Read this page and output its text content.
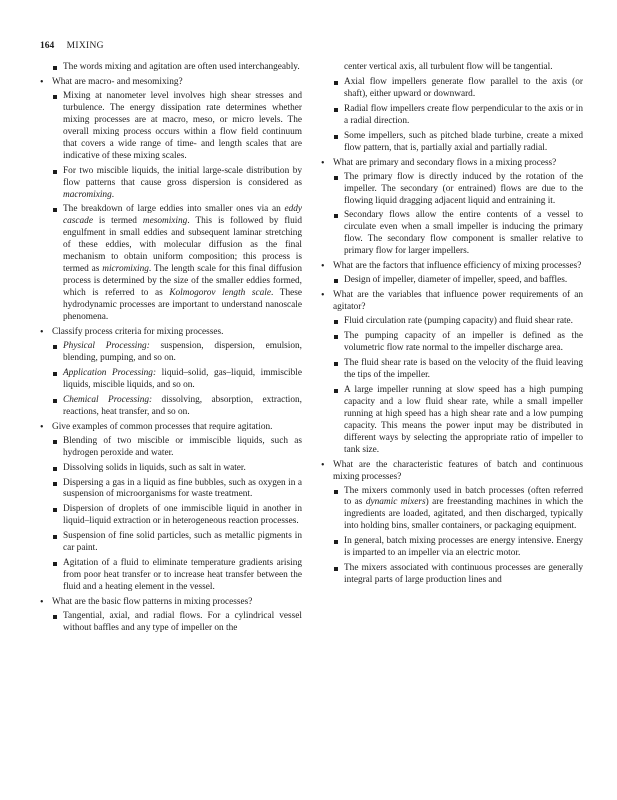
164 MIXING
The words mixing and agitation are often used interchangeably.
• What are macro- and mesomixing?
Mixing at nanometer level involves high shear stresses and turbulence. The energy dissipation rate determines whether mixing processes are at macro, meso, or micro levels. The overall mixing process occurs within a flow field continuum that covers a wide range of time- and length scales that are indicative of these mixing scales.
For two miscible liquids, the initial large-scale distribution by flow patterns that cause gross dispersion is considered as macromixing.
The breakdown of large eddies into smaller ones via an eddy cascade is termed mesomixing. This is followed by fluid engulfment in small eddies and subsequent laminar stretching of these eddies, with molecular diffusion as the final mechanism to obtain uniform composition; this process is termed as micromixing. The length scale for this final diffusion process is determined by the size of the smaller eddies formed, which is referred to as Kolmogorov length scale. These hydrodynamic processes are important to understand nanoscale phenomena.
• Classify process criteria for mixing processes.
Physical Processing: suspension, dispersion, emulsion, blending, pumping, and so on.
Application Processing: liquid–solid, gas–liquid, immiscible liquids, miscible liquids, and so on.
Chemical Processing: dissolving, absorption, extraction, reactions, heat transfer, and so on.
• Give examples of common processes that require agitation.
Blending of two miscible or immiscible liquids, such as hydrogen peroxide and water.
Dissolving solids in liquids, such as salt in water.
Dispersing a gas in a liquid as fine bubbles, such as oxygen in a suspension of microorganisms for waste treatment.
Dispersion of droplets of one immiscible liquid in another in liquid–liquid extraction or in heterogeneous reaction processes.
Suspension of fine solid particles, such as metallic pigments in car paint.
Agitation of a fluid to eliminate temperature gradients arising from poor heat transfer or to increase heat transfer between the fluid and a heating element in the vessel.
• What are the basic flow patterns in mixing processes?
Tangential, axial, and radial flows. For a cylindrical vessel without baffles and any type of impeller on the
center vertical axis, all turbulent flow will be tangential.
Axial flow impellers generate flow parallel to the axis (or shaft), either upward or downward.
Radial flow impellers create flow perpendicular to the axis or in a radial direction.
Some impellers, such as pitched blade turbine, create a mixed flow pattern, that is, partially axial and partially radial.
• What are primary and secondary flows in a mixing process?
The primary flow is directly induced by the rotation of the impeller. The secondary (or entrained) flows are due to the flowing liquid dragging adjacent liquid and entraining it.
Secondary flows allow the entire contents of a vessel to circulate even when a small impeller is inducing the primary flow. The secondary flow component is smaller relative to primary flow for larger impellers.
• What are the factors that influence efficiency of mixing processes?
Design of impeller, diameter of impeller, speed, and baffles.
• What are the variables that influence power requirements of an agitator?
Fluid circulation rate (pumping capacity) and fluid shear rate.
The pumping capacity of an impeller is defined as the volumetric flow rate normal to the impeller discharge area.
The fluid shear rate is based on the velocity of the fluid leaving the tips of the impeller.
A large impeller running at slow speed has a high pumping capacity and a low fluid shear rate, while a small impeller running at high speed has a high shear rate and a low pumping capacity. This means the power input may be distributed in different ways by selecting the appropriate ratio of impeller to tank size.
• What are the characteristic features of batch and continuous mixing processes?
The mixers commonly used in batch processes (often referred to as dynamic mixers) are freestanding machines in which the ingredients are loaded, agitated, and then discharged, typically into holding bins, smaller containers, or packaging equipment.
In general, batch mixing processes are energy intensive. Energy is imparted to an impeller via an electric motor.
The mixers associated with continuous processes are generally integral parts of large production lines and
